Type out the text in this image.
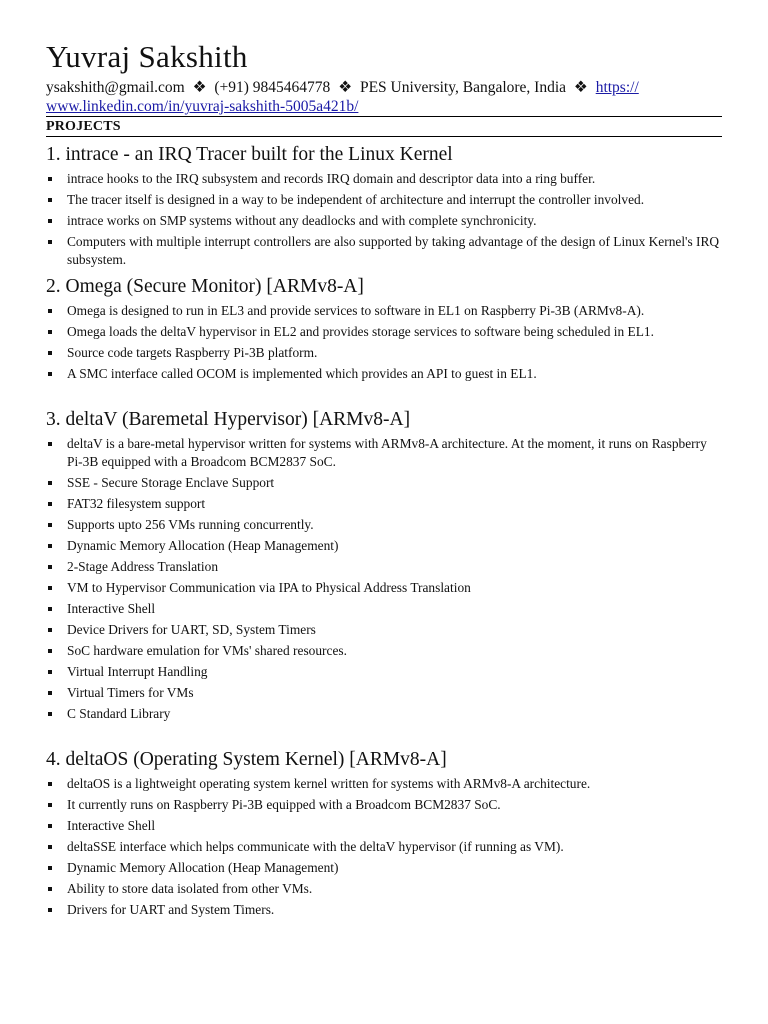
Yuvraj Sakshith
ysakshith@gmail.com ❖ (+91) 9845464778 ❖ PES University, Bangalore, India ❖ https://
www.linkedin.com/in/yuvraj-sakshith-5005a421b/
PROJECTS
1. intrace - an IRQ Tracer built for the Linux Kernel
intrace hooks to the IRQ subsystem and records IRQ domain and descriptor data into a ring buffer.
The tracer itself is designed in a way to be independent of architecture and interrupt the controller involved.
intrace works on SMP systems without any deadlocks and with complete synchronicity.
Computers with multiple interrupt controllers are also supported by taking advantage of the design of Linux Kernel's IRQ subsystem.
2. Omega (Secure Monitor) [ARMv8-A]
Omega is designed to run in EL3 and provide services to software in EL1 on Raspberry Pi-3B (ARMv8-A).
Omega loads the deltaV hypervisor in EL2 and provides storage services to software being scheduled in EL1.
Source code targets Raspberry Pi-3B platform.
A SMC interface called OCOM is implemented which provides an API to guest in EL1.
3. deltaV (Baremetal Hypervisor) [ARMv8-A]
deltaV is a bare-metal hypervisor written for systems with ARMv8-A architecture. At the moment, it runs on Raspberry Pi-3B equipped with a Broadcom BCM2837 SoC.
SSE - Secure Storage Enclave Support
FAT32 filesystem support
Supports upto 256 VMs running concurrently.
Dynamic Memory Allocation (Heap Management)
2-Stage Address Translation
VM to Hypervisor Communication via IPA to Physical Address Translation
Interactive Shell
Device Drivers for UART, SD, System Timers
SoC hardware emulation for VMs' shared resources.
Virtual Interrupt Handling
Virtual Timers for VMs
C Standard Library
4. deltaOS (Operating System Kernel) [ARMv8-A]
deltaOS is a lightweight operating system kernel written for systems with ARMv8-A architecture.
It currently runs on Raspberry Pi-3B equipped with a Broadcom BCM2837 SoC.
Interactive Shell
deltaSSE interface which helps communicate with the deltaV hypervisor (if running as VM).
Dynamic Memory Allocation (Heap Management)
Ability to store data isolated from other VMs.
Drivers for UART and System Timers.
